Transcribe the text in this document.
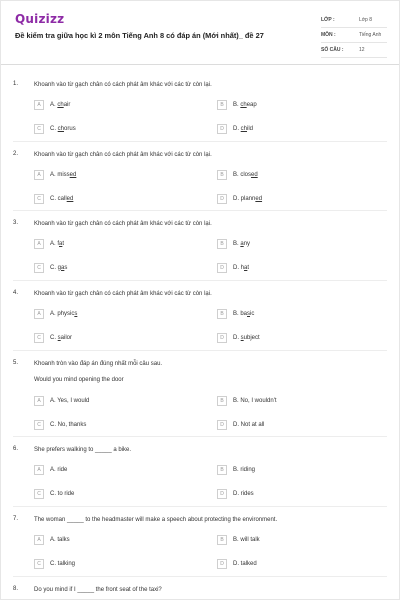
Quizizz
Đề kiểm tra giữa học kì 2 môn Tiếng Anh 8 có đáp án (Mới nhất)_ đề 27
LỚP :	Lớp 8
MÔN :	Tiếng Anh
SỐ CÂU :	12
1.	Khoanh vào từ gạch chân có cách phát âm khác với các từ còn lại.
A	A. chair	B	B. cheap
C	C. chorus	D	D. child
2.	Khoanh vào từ gạch chân có cách phát âm khác với các từ còn lại.
A	A. missed	B	B. closed
C	C. called	D	D. planned
3.	Khoanh vào từ gạch chân có cách phát âm khác với các từ còn lại.
A	A. fat	B	B. any
C	C. gas	D	D. hat
4.	Khoanh vào từ gạch chân có cách phát âm khác với các từ còn lại.
A	A. physics	B	B. basic
C	C. sailor	D	D. subject
5.	Khoanh tròn vào đáp án đúng nhất mỗi câu sau.
Would you mind opening the door
A	A. Yes, I would	B	B. No, I wouldn't
C	C. No, thanks	D	D. Not at all
6.	She prefers walking to _____ a bike.
A	A. ride	B	B. riding
C	C. to ride	D	D. rides
7.	The woman _____ to the headmaster will make a speech about protecting the environment.
A	A. talks	B	B. will talk
C	C. talking	D	D. talked
8.	Do you mind if I _____ the front seat of the taxi?
